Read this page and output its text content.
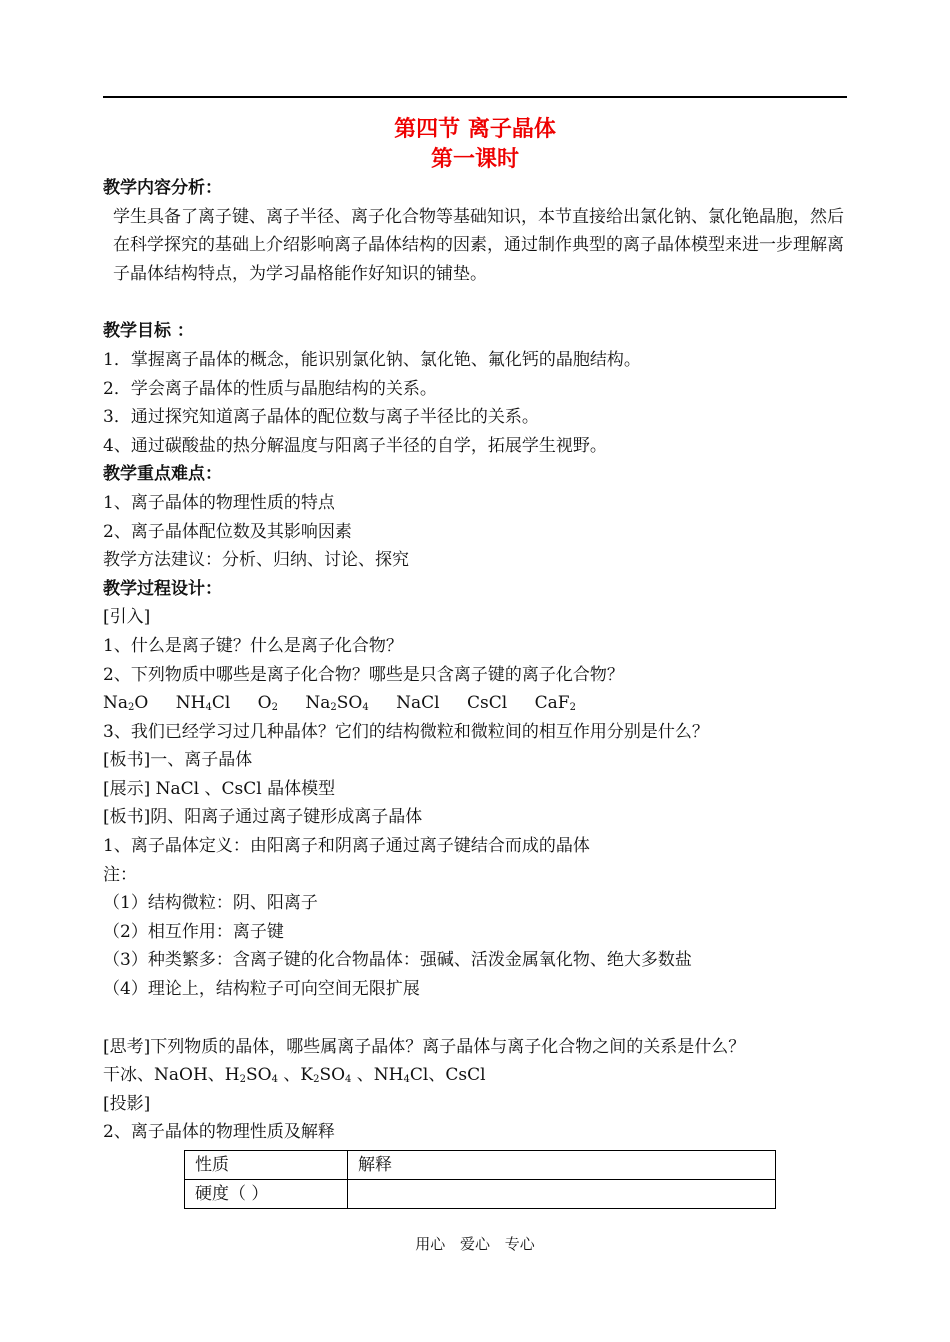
第四节 离子晶体
第一课时

教学内容分析：

学生具备了离子键、离子半径、离子化合物等基础知识，本节直接给出氯化钠、氯化铯晶胞，然后在科学探究的基础上介绍影响离子晶体结构的因素，通过制作典型的离子晶体模型来进一步理解离子晶体结构特点，为学习晶格能作好知识的铺垫。

教学目标 ：

1．掌握离子晶体的概念，能识别氯化钠、氯化铯、氟化钙的晶胞结构。

2．学会离子晶体的性质与晶胞结构的关系。

3．通过探究知道离子晶体的配位数与离子半径比的关系。

4、通过碳酸盐的热分解温度与阳离子半径的自学，拓展学生视野。

教学重点难点：

1、离子晶体的物理性质的特点

2、离子晶体配位数及其影响因素

教学方法建议：分析、归纳、讨论、探究

教学过程设计：

[引入]

1、什么是离子键？什么是离子化合物？

2、下列物质中哪些是离子化合物？哪些是只含离子键的离子化合物？

$Na_2O$ $NH_4Cl$ $O_2$ $Na_2SO_4$ NaCl CsCl CaF$_2$

3、我们已经学习过几种晶体？它们的结构微粒和微粒间的相互作用分别是什么？

[板书]一、离子晶体

[展示] NaCl 、CsCl 晶体模型

[板书]阴、阳离子通过离子键形成离子晶体

1、离子晶体定义：由阳离子和阴离子通过离子键结合而成的晶体

注：

（1）结构微粒：阴、阳离子

（2）相互作用：离子键

（3）种类繁多：含离子键的化合物晶体：强碱、活泼金属氧化物、绝大多数盐

（4）理论上，结构粒子可向空间无限扩展

[思考]下列物质的晶体，哪些属离子晶体？离子晶体与离子化合物之间的关系是什么？

干冰、NaOH、$H_2SO_4$ 、$K_2SO_4$ 、$NH_4Cl$、CsCl

[投影]

2、离子晶体的物理性质及解释

性质	解释
硬度（ ）	
用心 爱心 专心
